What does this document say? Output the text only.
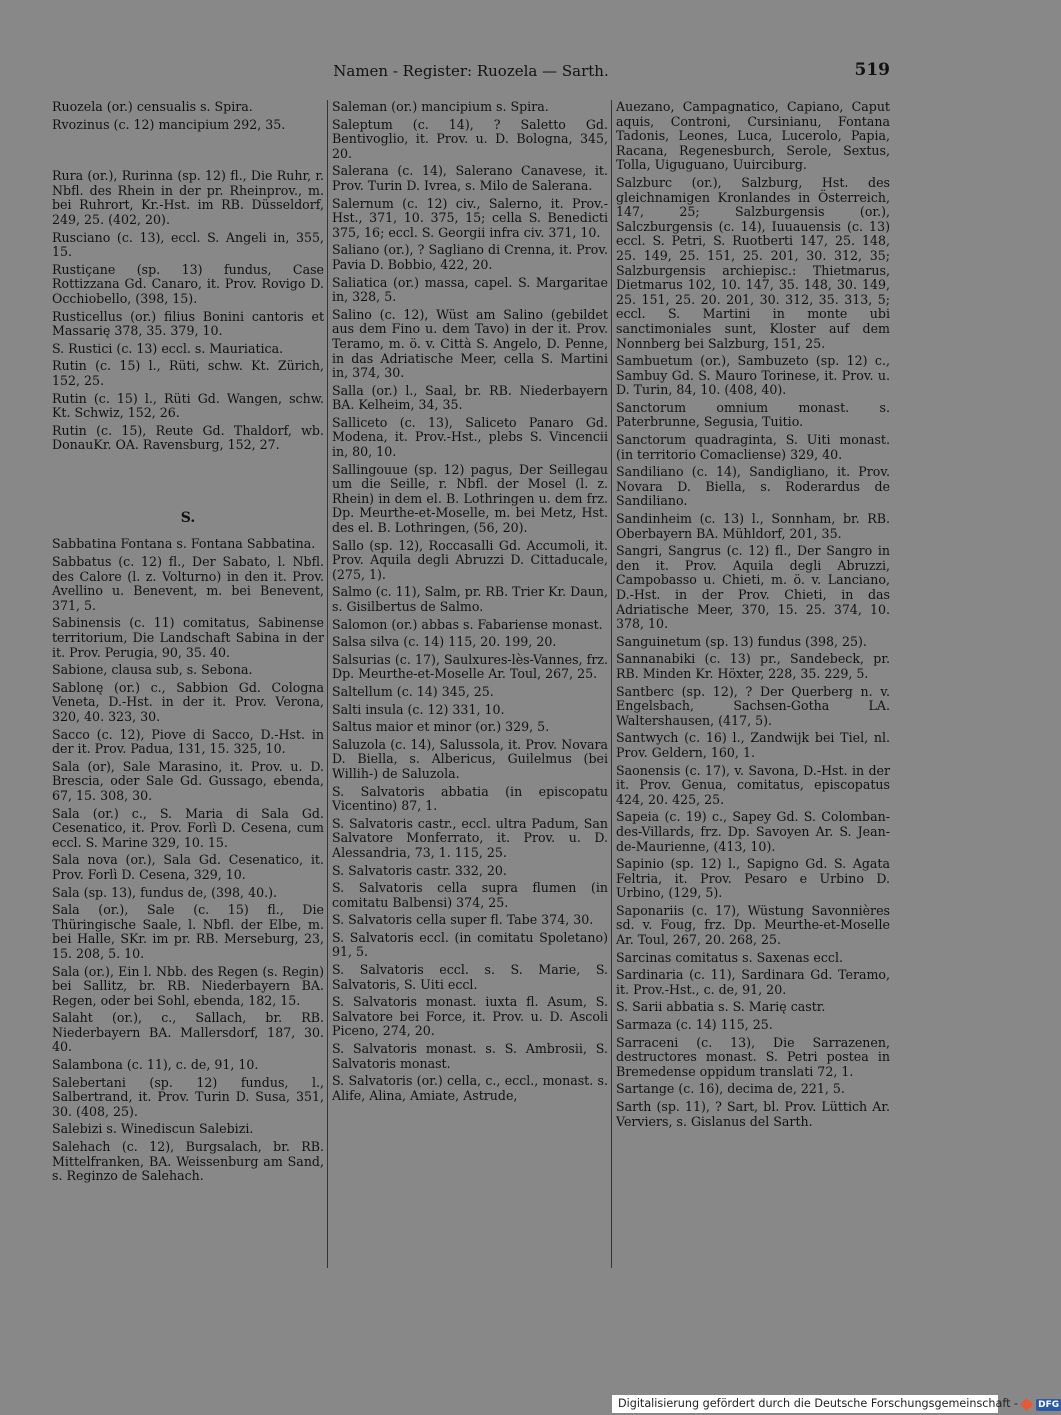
Namen - Register: Ruozela — Sarth.	519
Ruozela (or.) censualis s. Spira.
Rvozinus (c. 12) mancipium 292, 35.
Rura (or.), Rurinna (sp. 12) fl., Die Ruhr, r. Nbfl. des Rhein in der pr. Rheinprov., m. bei Ruhrort, Kr.-Hst. im RB. Düsseldorf, 249, 25. (402, 20).
Rusciano (c. 13), eccl. S. Angeli in, 355, 15.
Rustiçane (sp. 13) fundus, Case Rottizzana Gd. Canaro, it. Prov. Rovigo D. Occhiobello, (398, 15).
Rusticellus (or.) filius Bonini cantoris et Massarię 378, 35. 379, 10.
S. Rustici (c. 13) eccl. s. Mauriatica.
Rutin (c. 15) l., Rüti, schw. Kt. Zürich, 152, 25.
Rutin (c. 15) l., Rüti Gd. Wangen, schw. Kt. Schwiz, 152, 26.
Rutin (c. 15), Reute Gd. Thaldorf, wb. DonauKr. OA. Ravensburg, 152, 27.
S.
Sabbatina Fontana s. Fontana Sabbatina.
Sabbatus (c. 12) fl., Der Sabato, l. Nbfl. des Calore (l. z. Volturno) in den it. Prov. Avellino u. Benevent, m. bei Benevent, 371, 5.
Sabinensis (c. 11) comitatus, Sabinense territorium, Die Landschaft Sabina in der it. Prov. Perugia, 90, 35. 40.
Sabione, clausa sub, s. Sebona.
Sablonę (or.) c., Sabbion Gd. Cologna Veneta, D.-Hst. in der it. Prov. Verona, 320, 40. 323, 30.
Sacco (c. 12), Piove di Sacco, D.-Hst. in der it. Prov. Padua, 131, 15. 325, 10.
Sala (or), Sale Marasino, it. Prov. u. D. Brescia, oder Sale Gd. Gussago, ebenda, 67, 15. 308, 30.
Sala (or.) c., S. Maria di Sala Gd. Cesenatico, it. Prov. Forlì D. Cesena, cum eccl. S. Marine 329, 10. 15.
Sala nova (or.), Sala Gd. Cesenatico, it. Prov. Forlì D. Cesena, 329, 10.
Sala (sp. 13), fundus de, (398, 40.).
Sala (or.), Sale (c. 15) fl., Die Thüringische Saale, l. Nbfl. der Elbe, m. bei Halle, SKr. im pr. RB. Merseburg, 23, 15. 208, 5. 10.
Sala (or.), Ein l. Nbb. des Regen (s. Regin) bei Sallitz, br. RB. Niederbayern BA. Regen, oder bei Sohl, ebenda, 182, 15.
Salaht (or.), c., Sallach, br. RB. Niederbayern BA. Mallersdorf, 187, 30. 40.
Salambona (c. 11), c. de, 91, 10.
Salebertani (sp. 12) fundus, l., Salbertrand, it. Prov. Turin D. Susa, 351, 30. (408, 25).
Salebizi s. Winediscun Salebizi.
Salehach (c. 12), Burgsalach, br. RB. Mittelfranken, BA. Weissenburg am Sand, s. Reginzo de Salehach.
Saleman (or.) mancipium s. Spira.
Saleptum (c. 14), ? Saletto Gd. Bentivoglio, it. Prov. u. D. Bologna, 345, 20.
Salerana (c. 14), Salerano Canavese, it. Prov. Turin D. Ivrea, s. Milo de Salerana.
Salernum (c. 12) civ., Salerno, it. Prov.-Hst., 371, 10. 375, 15; cella S. Benedicti 375, 16; eccl. S. Georgii infra civ. 371, 10.
Saliano (or.), ? Sagliano di Crenna, it. Prov. Pavia D. Bobbio, 422, 20.
Saliatica (or.) massa, capel. S. Margaritae in, 328, 5.
Salino (c. 12), Wüst am Salino (gebildet aus dem Fino u. dem Tavo) in der it. Prov. Teramo, m. ö. v. Città S. Angelo, D. Penne, in das Adriatische Meer, cella S. Martini in, 374, 30.
Salla (or.) l., Saal, br. RB. Niederbayern BA. Kelheim, 34, 35.
Salliceto (c. 13), Saliceto Panaro Gd. Modena, it. Prov.-Hst., plebs S. Vincencii in, 80, 10.
Sallingouue (sp. 12) pagus, Der Seillegau um die Seille, r. Nbfl. der Mosel (l. z. Rhein) in dem el. B. Lothringen u. dem frz. Dp. Meurthe-et-Moselle, m. bei Metz, Hst. des el. B. Lothringen, (56, 20).
Sallo (sp. 12), Roccasalli Gd. Accumoli, it. Prov. Aquila degli Abruzzi D. Cittaducale, (275, 1).
Salmo (c. 11), Salm, pr. RB. Trier Kr. Daun, s. Gisilbertus de Salmo.
Salomon (or.) abbas s. Fabariense monast.
Salsa silva (c. 14) 115, 20. 199, 20.
Salsurias (c. 17), Saulxures-lès-Vannes, frz. Dp. Meurthe-et-Moselle Ar. Toul, 267, 25.
Saltellum (c. 14) 345, 25.
Salti insula (c. 12) 331, 10.
Saltus maior et minor (or.) 329, 5.
Saluzola (c. 14), Salussola, it. Prov. Novara D. Biella, s. Albericus, Guilelmus (bei Willih-) de Saluzola.
S. Salvatoris abbatia (in episcopatu Vicentino) 87, 1.
S. Salvatoris castr., eccl. ultra Padum, San Salvatore Monferrato, it. Prov. u. D. Alessandria, 73, 1. 115, 25.
S. Salvatoris castr. 332, 20.
S. Salvatoris cella supra flumen (in comitatu Balbensi) 374, 25.
S. Salvatoris cella super fl. Tabe 374, 30.
S. Salvatoris eccl. (in comitatu Spoletano) 91, 5.
S. Salvatoris eccl. s. S. Marie, S. Salvatoris, S. Uiti eccl.
S. Salvatoris monast. iuxta fl. Asum, S. Salvatore bei Force, it. Prov. u. D. Ascoli Piceno, 274, 20.
S. Salvatoris monast. s. S. Ambrosii, S. Salvatoris monast.
S. Salvatoris (or.) cella, c., eccl., monast. s. Alife, Alina, Amiate, Astrude,
Auezano, Campagnatico, Capiano, Caput aquis, Controni, Cursinianu, Fontana Tadonis, Leones, Luca, Lucerolo, Papia, Racana, Regenesburch, Serole, Sextus, Tolla, Uiguguano, Uuirciburg.
Salzburc (or.), Salzburg, Hst. des gleichnamigen Kronlandes in Österreich, 147, 25; Salzburgensis (or.), Salczburgensis (c. 14), Iuuauensis (c. 13) eccl. S. Petri, S. Ruotberti 147, 25. 148, 25. 149, 25. 151, 25. 201, 30. 312, 35; Salzburgensis archiepisc.: Thietmarus, Dietmarus 102, 10. 147, 35. 148, 30. 149, 25. 151, 25. 20. 201, 30. 312, 35. 313, 5; eccl. S. Martini in monte ubi sanctimoniales sunt, Kloster auf dem Nonnberg bei Salzburg, 151, 25.
Sambuetum (or.), Sambuzeto (sp. 12) c., Sambuy Gd. S. Mauro Torinese, it. Prov. u. D. Turin, 84, 10. (408, 40).
Sanctorum omnium monast. s. Paterbrunne, Segusia, Tuitio.
Sanctorum quadraginta, S. Uiti monast. (in territorio Comacliense) 329, 40.
Sandiliano (c. 14), Sandigliano, it. Prov. Novara D. Biella, s. Roderardus de Sandiliano.
Sandinheim (c. 13) l., Sonnham, br. RB. Oberbayern BA. Mühldorf, 201, 35.
Sangri, Sangrus (c. 12) fl., Der Sangro in den it. Prov. Aquila degli Abruzzi, Campobasso u. Chieti, m. ö. v. Lanciano, D.-Hst. in der Prov. Chieti, in das Adriatische Meer, 370, 15. 25. 374, 10. 378, 10.
Sanguinetum (sp. 13) fundus (398, 25).
Sannanabiki (c. 13) pr., Sandebeck, pr. RB. Minden Kr. Höxter, 228, 35. 229, 5.
Santberc (sp. 12), ? Der Querberg n. v. Engelsbach, Sachsen-Gotha LA. Waltershausen, (417, 5).
Santwych (c. 16) l., Zandwijk bei Tiel, nl. Prov. Geldern, 160, 1.
Saonensis (c. 17), v. Savona, D.-Hst. in der it. Prov. Genua, comitatus, episcopatus 424, 20. 425, 25.
Sapeia (c. 19) c., Sapey Gd. S. Colomban-des-Villards, frz. Dp. Savoyen Ar. S. Jean-de-Maurienne, (413, 10).
Sapinio (sp. 12) l., Sapigno Gd. S. Agata Feltria, it. Prov. Pesaro e Urbino D. Urbino, (129, 5).
Saponariis (c. 17), Wüstung Savonnières sd. v. Foug, frz. Dp. Meurthe-et-Moselle Ar. Toul, 267, 20. 268, 25.
Sarcinas comitatus s. Saxenas eccl.
Sardinaria (c. 11), Sardinara Gd. Teramo, it. Prov.-Hst., c. de, 91, 20.
S. Sarii abbatia s. S. Marię castr.
Sarmaza (c. 14) 115, 25.
Sarraceni (c. 13), Die Sarrazenen, destructores monast. S. Petri postea in Bremedense oppidum translati 72, 1.
Sartange (c. 16), decima de, 221, 5.
Sarth (sp. 11), ? Sart, bl. Prov. Lüttich Ar. Verviers, s. Gislanus del Sarth.
Digitalisierung gefördert durch die Deutsche Forschungsgemeinschaft - DFG
